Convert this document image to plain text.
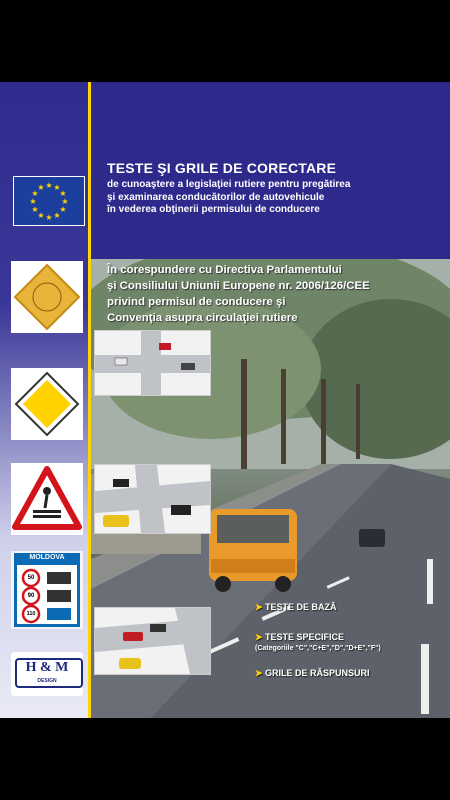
★ ★
★
★
★
★
★
★
★
★
★
★
TESTE ŞI GRILE DE CORECTARE
de cunoaştere a legislaţiei rutiere pentru pregătirea
şi examinarea conducătorilor de autovehicule
în vederea obţinerii permisului de conducere
În corespundere cu Directiva Parlamentului
şi Consiliului Uniunii Europene nr. 2006/126/CEE
privind permisul de conducere şi
Convenţia asupra circulaţiei rutiere
MOLDOVA
50
90
110
H & M
DESIGN
➤ TESTE DE BAZĂ
➤ TESTE SPECIFICE
(Categoriile "C","C+E","D","D+E","F")
➤ GRILE DE RĂSPUNSURI
